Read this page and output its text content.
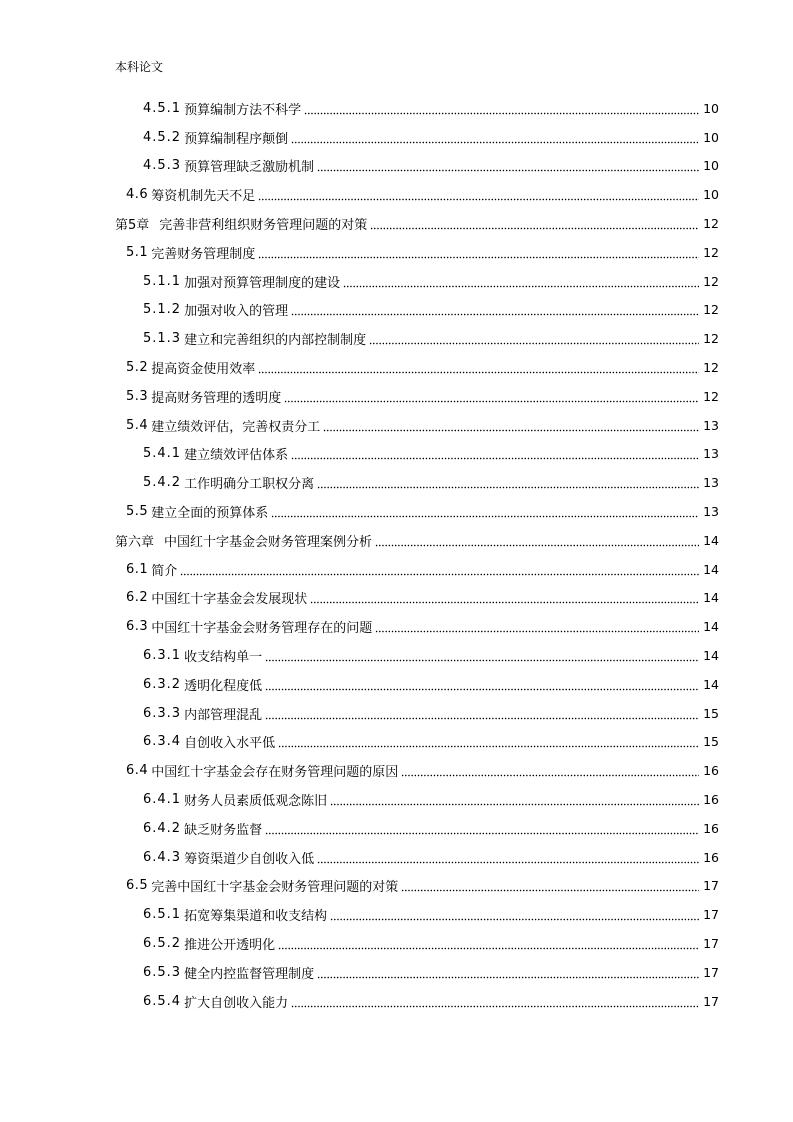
本科论文
4.5.1 预算编制方法不科学	10
4.5.2 预算编制程序颠倒	10
4.5.3 预算管理缺乏激励机制	10
4.6 筹资机制先天不足	10
第5章 完善非营利组织财务管理问题的对策	12
5.1 完善财务管理制度	12
5.1.1 加强对预算管理制度的建设	12
5.1.2 加强对收入的管理	12
5.1.3 建立和完善组织的内部控制制度	12
5.2 提高资金使用效率	12
5.3 提高财务管理的透明度	12
5.4 建立绩效评估，完善权责分工	13
5.4.1 建立绩效评估体系	13
5.4.2 工作明确分工职权分离	13
5.5 建立全面的预算体系	13
第六章 中国红十字基金会财务管理案例分析	14
6.1 简介	14
6.2 中国红十字基金会发展现状	14
6.3 中国红十字基金会财务管理存在的问题	14
6.3.1 收支结构单一	14
6.3.2 透明化程度低	14
6.3.3 内部管理混乱	15
6.3.4 自创收入水平低	15
6.4 中国红十字基金会存在财务管理问题的原因	16
6.4.1 财务人员素质低观念陈旧	16
6.4.2 缺乏财务监督	16
6.4.3 筹资渠道少自创收入低	16
6.5 完善中国红十字基金会财务管理问题的对策	17
6.5.1 拓宽筹集渠道和收支结构	17
6.5.2 推进公开透明化	17
6.5.3 健全内控监督管理制度	17
6.5.4 扩大自创收入能力	17
